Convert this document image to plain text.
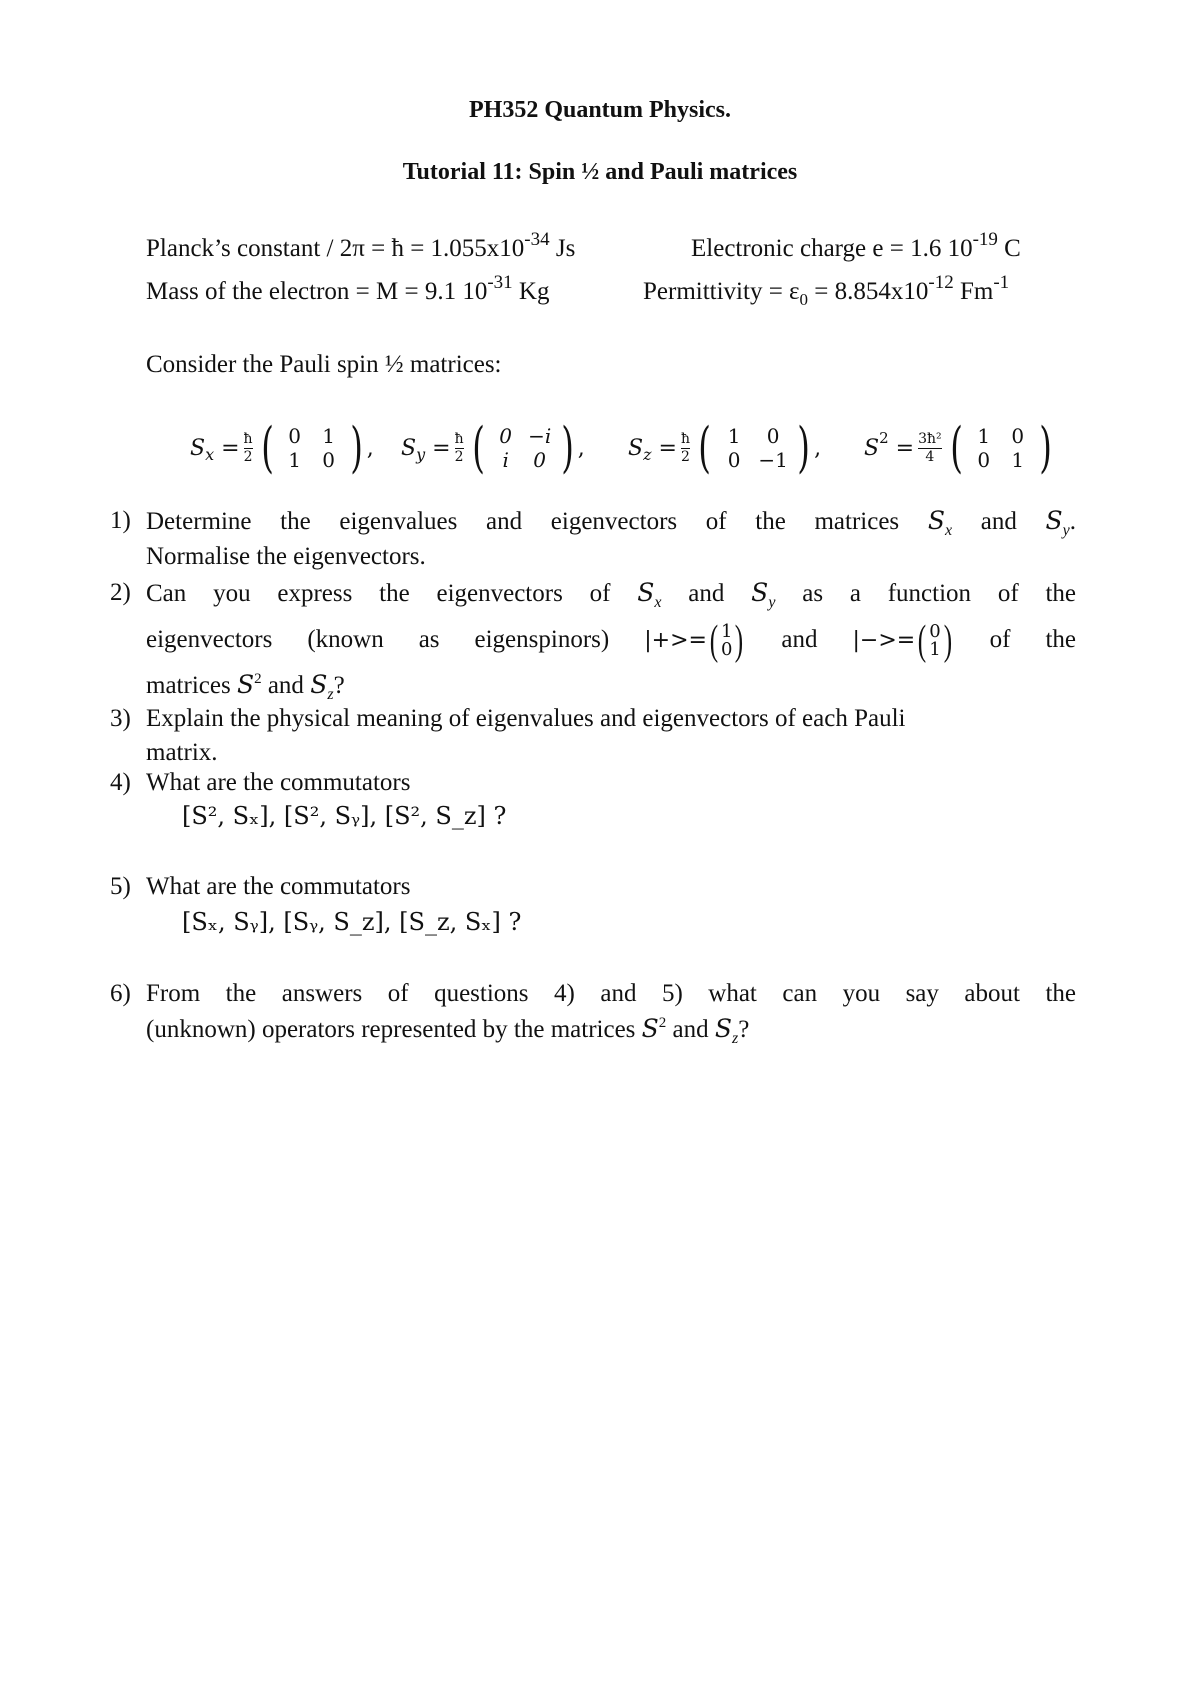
PH352 Quantum Physics.
Tutorial 11: Spin ½ and Pauli matrices
Planck’s constant / 2π = ħ = $1.055x10^{-34}$ Js	Electronic charge e = 1.6 $10^{-19}$ C
Mass of the electron = M = 9.1 $10^{-31}$ Kg	Permittivity = $\varepsilon_0 = 8.854x10^{-12}$ $Fm^{-1}$
Consider the Pauli spin ½ matrices:
S x
= $\frac{ħ}{2}$ ( 0	1
1	0 ) , S y
= $\frac{ħ}{2}$ ( 0 −i
i	0 ) , S z
= $\frac{ħ}{2}$ ( 1	0
0 −1 ) , S 2
= $\frac{\text{3ħ²}}{4}$ ( 1	0
0	1 )
1) Determine the eigenvalues and eigenvectors of the matrices $S_x$ and $S_y$.
Normalise the eigenvectors.
2) Can you express the eigenvectors of $S_x$ and $S_y$ as a function of the
eigenvectors (known as eigenspinors) |+>= ( 1
0 ) and |−>= ( 0
1 ) of the
matrices $S^2$ and $S_z$?
3) Explain the physical meaning of eigenvalues and eigenvectors of each Pauli
matrix.
4) What are the commutators
[S², Sₓ], [S², Sᵧ], [S², S_z] ?
5) What are the commutators
[Sₓ, Sᵧ], [Sᵧ, S_z], [S_z, Sₓ] ?
6) From the answers of questions 4) and 5) what can you say about the
(unknown) operators represented by the matrices $S^2$ and $S_z$?
